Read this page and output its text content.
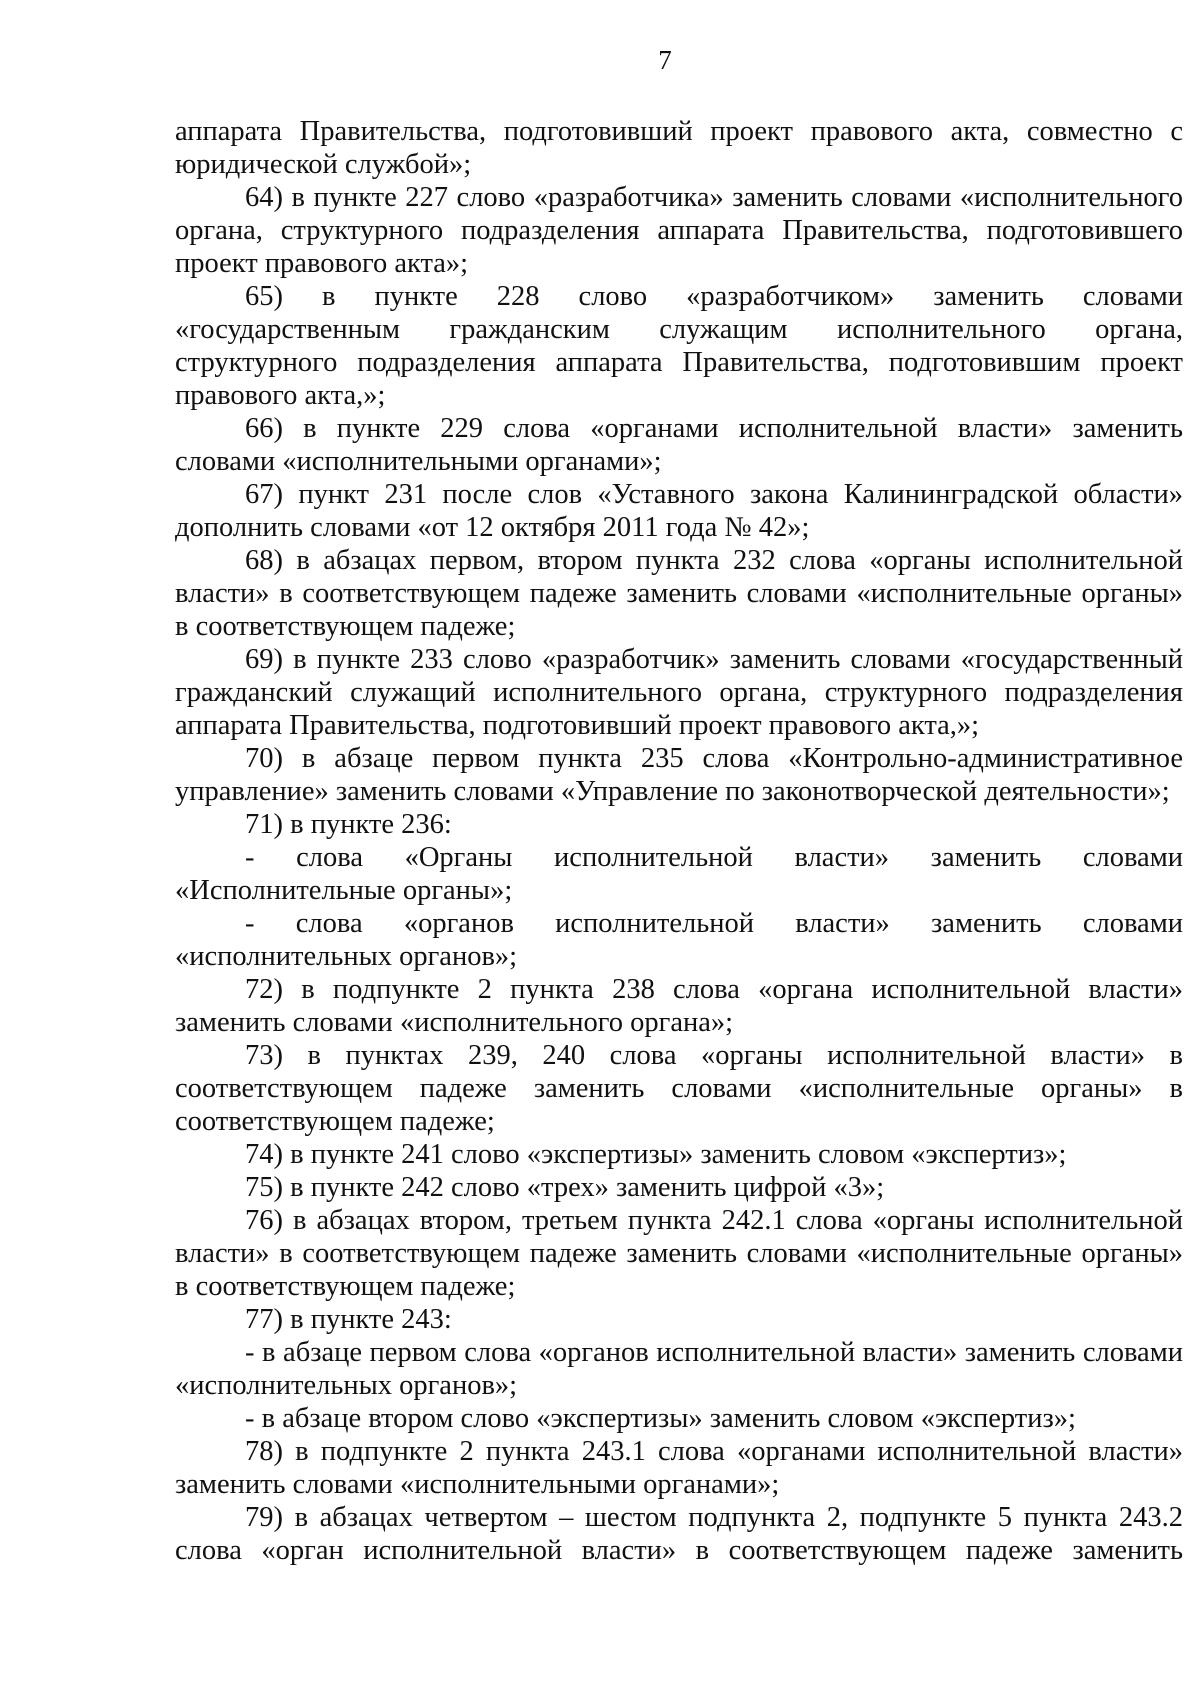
7

аппарата Правительства, подготовивший проект правового акта, совместно с юридической службой»;

64) в пункте 227 слово «разработчика» заменить словами «исполнительного органа, структурного подразделения аппарата Правительства, подготовившего проект правового акта»;

65) в пункте 228 слово «разработчиком» заменить словами «государственным гражданским служащим исполнительного органа, структурного подразделения аппарата Правительства, подготовившим проект правового акта,»;

66) в пункте 229 слова «органами исполнительной власти» заменить словами «исполнительными органами»;

67) пункт 231 после слов «Уставного закона Калининградской области» дополнить словами «от 12 октября 2011 года № 42»;

68) в абзацах первом, втором пункта 232 слова «органы исполнительной власти» в соответствующем падеже заменить словами «исполнительные органы» в соответствующем падеже;

69) в пункте 233 слово «разработчик» заменить словами «государственный гражданский служащий исполнительного органа, структурного подразделения аппарата Правительства, подготовивший проект правового акта,»;

70) в абзаце первом пункта 235 слова «Контрольно-административное управление» заменить словами «Управление по законотворческой деятельности»;

71) в пункте 236:

- слова «Органы исполнительной власти» заменить словами «Исполнительные органы»;

- слова «органов исполнительной власти» заменить словами «исполнительных органов»;

72) в подпункте 2 пункта 238 слова «органа исполнительной власти» заменить словами «исполнительного органа»;

73) в пунктах 239, 240 слова «органы исполнительной власти» в соответствующем падеже заменить словами «исполнительные органы» в соответствующем падеже;

74) в пункте 241 слово «экспертизы» заменить словом «экспертиз»;

75) в пункте 242 слово «трех» заменить цифрой «3»;

76) в абзацах втором, третьем пункта 242.1 слова «органы исполнительной власти» в соответствующем падеже заменить словами «исполнительные органы» в соответствующем падеже;

77) в пункте 243:

- в абзаце первом слова «органов исполнительной власти» заменить словами «исполнительных органов»;

- в абзаце втором слово «экспертизы» заменить словом «экспертиз»;

78) в подпункте 2 пункта 243.1 слова «органами исполнительной власти» заменить словами «исполнительными органами»;

79) в абзацах четвертом – шестом подпункта 2, подпункте 5 пункта 243.2 слова «орган исполнительной власти» в соответствующем падеже заменить
